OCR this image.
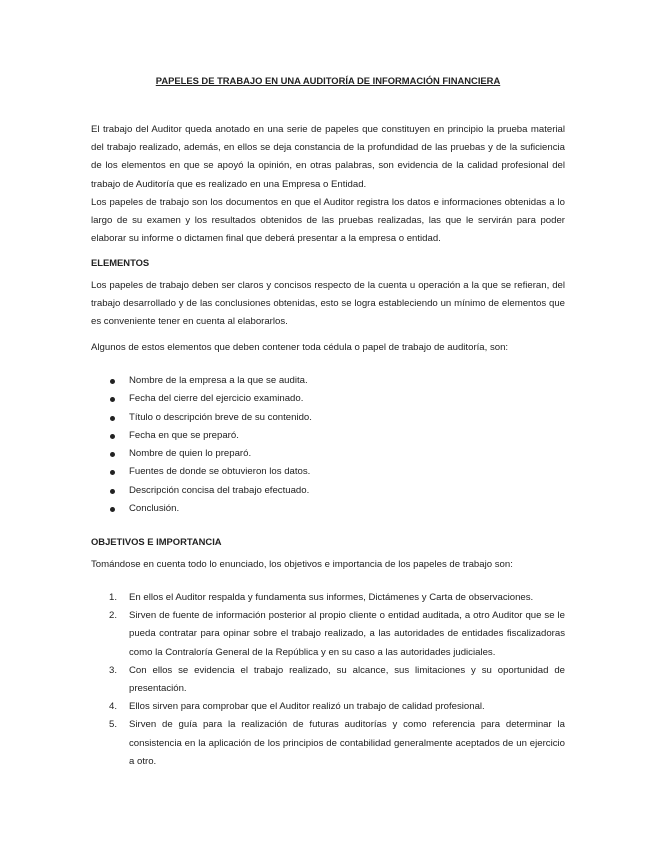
PAPELES DE TRABAJO EN UNA AUDITORÍA DE INFORMACIÓN FINANCIERA

El trabajo del Auditor queda anotado en una serie de papeles que constituyen en principio la prueba material del trabajo realizado, además, en ellos se deja constancia de la profundidad de las pruebas y de la suficiencia de los elementos en que se apoyó la opinión, en otras palabras, son evidencia de la calidad profesional del trabajo de Auditoría que es realizado en una Empresa o Entidad.

Los papeles de trabajo son los documentos en que el Auditor registra los datos e informaciones obtenidas a lo largo de su examen y los resultados obtenidos de las pruebas realizadas, las que le servirán para poder elaborar su informe o dictamen final que deberá presentar a la empresa o entidad.

ELEMENTOS

Los papeles de trabajo deben ser claros y concisos respecto de la cuenta u operación a la que se refieran, del trabajo desarrollado y de las conclusiones obtenidas, esto se logra estableciendo un mínimo de elementos que es conveniente tener en cuenta al elaborarlos.

Algunos de estos elementos que deben contener toda cédula o papel de trabajo de auditoría, son:

Nombre de la empresa a la que se audita.
Fecha del cierre del ejercicio examinado.
Título o descripción breve de su contenido.
Fecha en que se preparó.
Nombre de quien lo preparó.
Fuentes de donde se obtuvieron los datos.
Descripción concisa del trabajo efectuado.
Conclusión.
OBJETIVOS E IMPORTANCIA

Tomándose en cuenta todo lo enunciado, los objetivos e importancia de los papeles de trabajo son:

1. En ellos el Auditor respalda y fundamenta sus informes, Dictámenes y Carta de observaciones.
2. Sirven de fuente de información posterior al propio cliente o entidad auditada, a otro Auditor que se le pueda contratar para opinar sobre el trabajo realizado, a las autoridades de entidades fiscalizadoras como la Contraloría General de la República y en su caso a las autoridades judiciales.
3. Con ellos se evidencia el trabajo realizado, su alcance, sus limitaciones y su oportunidad de presentación.
4. Ellos sirven para comprobar que el Auditor realizó un trabajo de calidad profesional.
5. Sirven de guía para la realización de futuras auditorías y como referencia para determinar la consistencia en la aplicación de los principios de contabilidad generalmente aceptados de un ejercicio a otro.
